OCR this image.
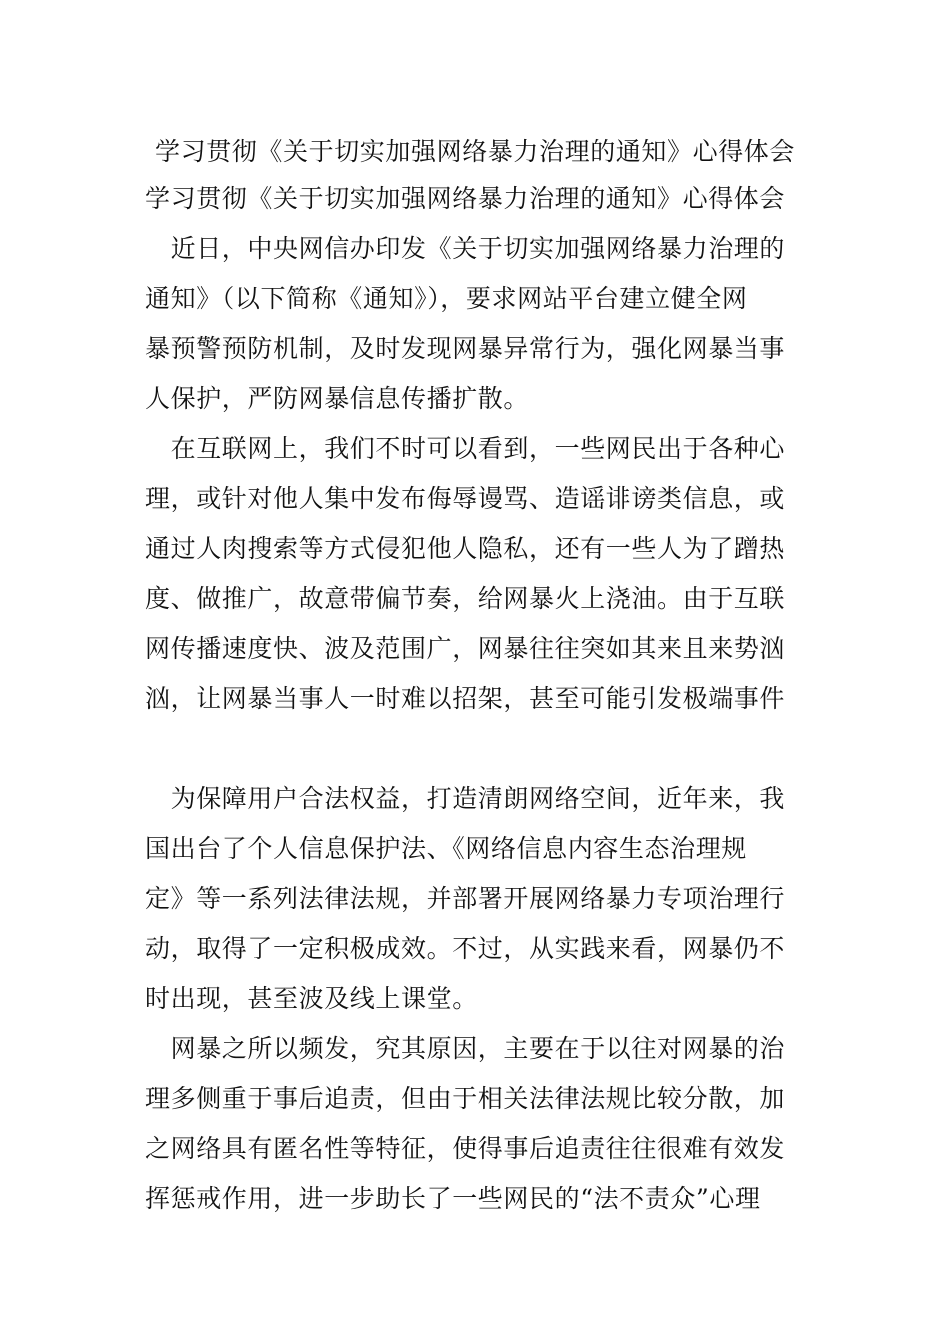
学习贯彻《关于切实加强网络暴力治理的通知》心得体会
学习贯彻《关于切实加强网络暴力治理的通知》心得体会
　近日，中央网信办印发《关于切实加强网络暴力治理的
通知》（以下简称《通知》），要求网站平台建立健全网
暴预警预防机制，及时发现网暴异常行为，强化网暴当事
人保护，严防网暴信息传播扩散。
　在互联网上，我们不时可以看到，一些网民出于各种心
理，或针对他人集中发布侮辱谩骂、造谣诽谤类信息，或
通过人肉搜索等方式侵犯他人隐私，还有一些人为了蹭热
度、做推广，故意带偏节奏，给网暴火上浇油。由于互联
网传播速度快、波及范围广，网暴往往突如其来且来势汹
汹，让网暴当事人一时难以招架，甚至可能引发极端事件
　为保障用户合法权益，打造清朗网络空间，近年来，我
国出台了个人信息保护法、《网络信息内容生态治理规
定》等一系列法律法规，并部署开展网络暴力专项治理行
动，取得了一定积极成效。不过，从实践来看，网暴仍不
时出现，甚至波及线上课堂。
　网暴之所以频发，究其原因，主要在于以往对网暴的治
理多侧重于事后追责，但由于相关法律法规比较分散，加
之网络具有匿名性等特征，使得事后追责往往很难有效发
挥惩戒作用，进一步助长了一些网民的“法不责众”心理
